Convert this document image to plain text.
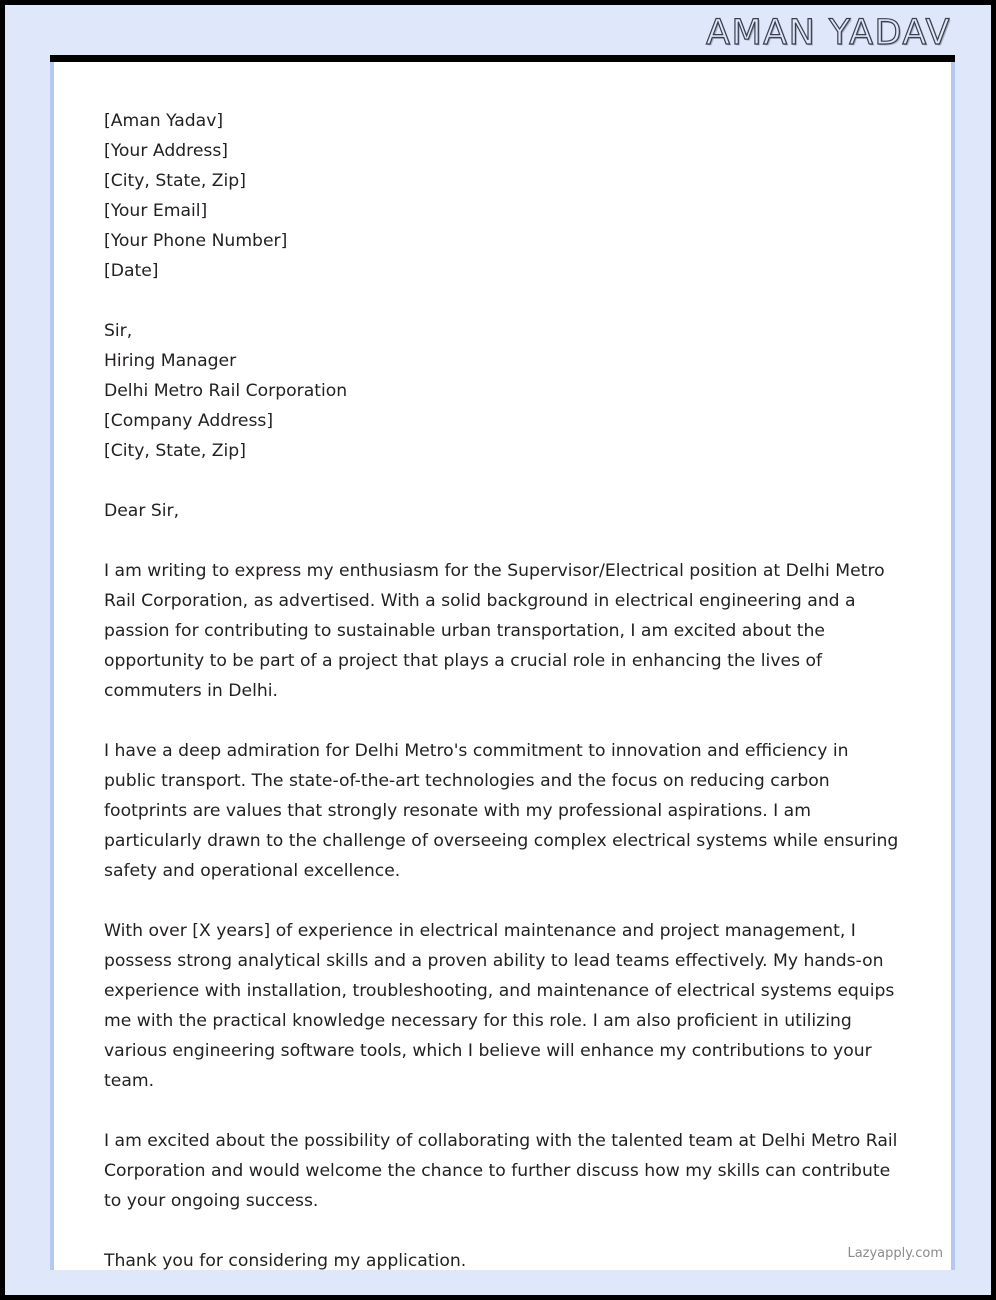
AMAN YADAV
[Aman Yadav]
[Your Address]
[City, State, Zip]
[Your Email]
[Your Phone Number]
[Date]
Sir,
Hiring Manager
Delhi Metro Rail Corporation
[Company Address]
[City, State, Zip]
Dear Sir,
I am writing to express my enthusiasm for the Supervisor/Electrical position at Delhi Metro Rail Corporation, as advertised. With a solid background in electrical engineering and a passion for contributing to sustainable urban transportation, I am excited about the opportunity to be part of a project that plays a crucial role in enhancing the lives of commuters in Delhi.
I have a deep admiration for Delhi Metro's commitment to innovation and efficiency in public transport. The state-of-the-art technologies and the focus on reducing carbon footprints are values that strongly resonate with my professional aspirations. I am particularly drawn to the challenge of overseeing complex electrical systems while ensuring safety and operational excellence.
With over [X years] of experience in electrical maintenance and project management, I possess strong analytical skills and a proven ability to lead teams effectively. My hands-on experience with installation, troubleshooting, and maintenance of electrical systems equips me with the practical knowledge necessary for this role. I am also proficient in utilizing various engineering software tools, which I believe will enhance my contributions to your team.
I am excited about the possibility of collaborating with the talented team at Delhi Metro Rail Corporation and would welcome the chance to further discuss how my skills can contribute to your ongoing success.
Thank you for considering my application.	Lazyapply.com
